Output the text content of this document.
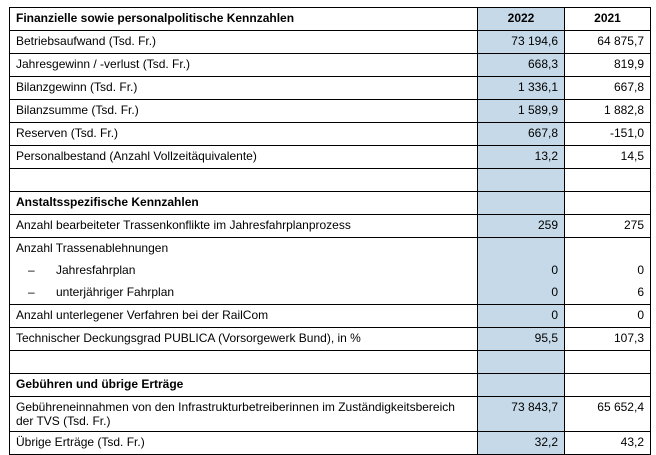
Finanzielle sowie personalpolitische Kennzahlen	2022	2021
Betriebsaufwand (Tsd. Fr.)	73 194,6	64 875,7
Jahresgewinn / -verlust (Tsd. Fr.)	668,3	819,9
Bilanzgewinn (Tsd. Fr.)	1 336,1	667,8
Bilanzsumme (Tsd. Fr.)	1 589,9	1 882,8
Reserven (Tsd. Fr.)	667,8	-151,0
Personalbestand (Anzahl Vollzeitäquivalente)	13,2	14,5

Anstaltsspezifische Kennzahlen		
Anzahl bearbeiteter Trassenkonflikte im Jahresfahrplanprozess	259	275
Anzahl Trassenablehnungen		
– Jahresfahrplan	0	0
– unterjähriger Fahrplan	0	6
Anzahl unterlegener Verfahren bei der RailCom	0	0
Technischer Deckungsgrad PUBLICA (Vorsorgewerk Bund), in %	95,5	107,3

Gebühren und übrige Erträge		
Gebühreneinnahmen von den Infrastrukturbetreiberinnen im Zuständigkeitsbereich der TVS (Tsd. Fr.)	73 843,7	65 652,4
Übrige Erträge (Tsd. Fr.)	32,2	43,2
